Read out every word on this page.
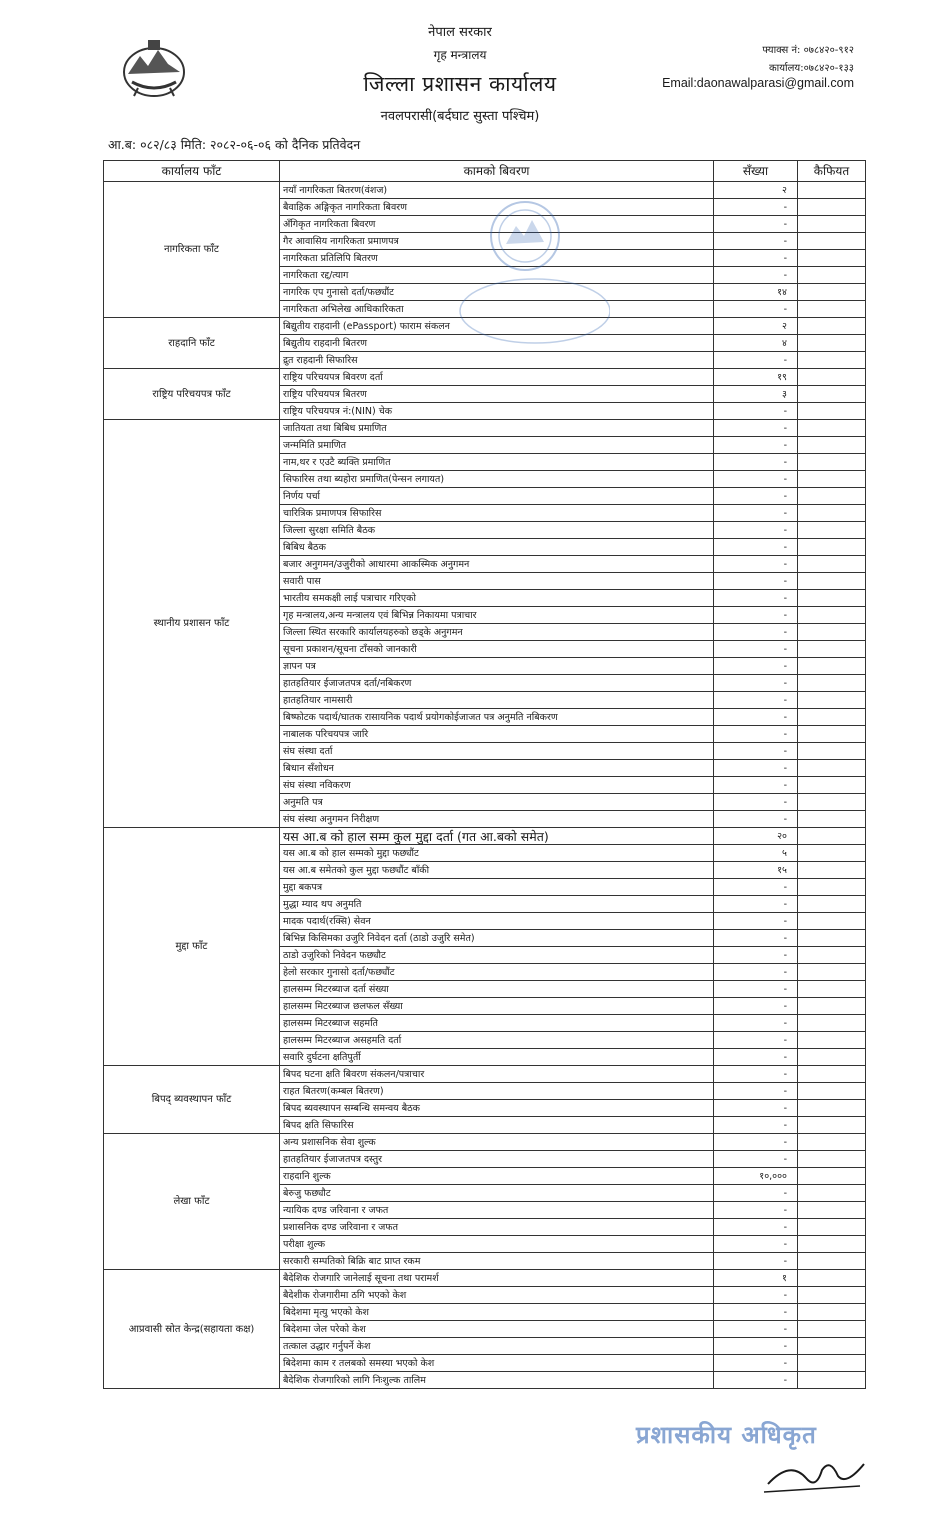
नेपाल सरकार
गृह मन्त्रालय
जिल्ला प्रशासन कार्यालय
नवलपरासी(बर्दघाट सुस्ता पश्चिम)
फ्याक्स नं: ०७८४२०-९१२
कार्यालय:०७८४२०-१३३
Email:daonawalparasi@gmail.com
आ.ब: ०८२/८३ मिति: २०८२-०६-०६ को दैनिक प्रतिवेदन
कार्यालय फाँट	कामको बिवरण	सँख्या	कैफियत
नागरिकता फाँट	नयाँ नागरिकता बितरण(वंशज)	२	
	बैवाहिक अङ्गिकृत नागरिकता बिवरण	-	
	अँगिकृत नागरिकता बिवरण	-	
	गैर आवासिय नागरिकता प्रमाणपत्र	-	
	नागरिकता प्रतिलिपि बितरण	-	
	नागरिकता रद्द/त्याग	-	
	नागरिक एप गुनासो दर्ता/फछ्यौंट	१४	
	नागरिकता अभिलेख आधिकारिकता	-	
राहदानि फाँट	बिद्युतीय राहदानी (ePassport) फाराम संकलन	२	
	बिद्युतीय राहदानी बितरण	४	
	द्रुत राहदानी सिफारिस	-	
राष्ट्रिय परिचयपत्र फाँट	राष्ट्रिय परिचयपत्र बिवरण दर्ता	१९	
	राष्ट्रिय परिचयपत्र बितरण	३	
	राष्ट्रिय परिचयपत्र नं:(NIN) चेक	-	
स्थानीय प्रशासन फाँट	जातियता तथा बिबिध प्रमाणित	-	
	जन्ममिति प्रमाणित	-	
	नाम,थर र एउटै ब्यक्ति प्रमाणित	-	
	सिफारिस तथा ब्यहोरा प्रमाणित(पेन्सन लगायत)	-	
	निर्णय पर्चा	-	
	चारित्रिक प्रमाणपत्र सिफारिस	-	
	जिल्ला सुरक्षा समिति बैठक	-	
	बिबिध बैठक	-	
	बजार अनुगमन/उजुरीको आधारमा आकस्मिक अनुगमन	-	
	सवारी पास	-	
	भारतीय समकक्षी लाई पत्राचार गरिएको	-	
	गृह मन्त्रालय,अन्य मन्त्रालय एवं बिभिन्न निकायमा पत्राचार	-	
	जिल्ला स्थित सरकारि कार्यालयहरुको छड्के अनुगमन	-	
	सूचना प्रकाशन/सूचना टाँसको जानकारी	-	
	ज्ञापन पत्र	-	
	हातहतियार ईजाजतपत्र दर्ता/नबिकरण	-	
	हातहतियार नामसारी	-	
	बिष्फोटक पदार्थ/घातक रासायनिक पदार्थ प्रयोगकोईजाजत पत्र अनुमति नबिकरण	-	
	नाबालक परिचयपत्र जारि	-	
	संघ संस्था दर्ता	-	
	बिधान सँशोधन	-	
	संघ संस्था नविकरण	-	
	अनुमति पत्र	-	
	संघ संस्था अनुगमन निरीक्षण	-	
मुद्दा फाँट	यस आ.ब को हाल सम्म कुल मुद्दा दर्ता (गत आ.बको समेत)	२०	
	यस आ.ब को हाल सम्मको मुद्दा फछ्यौंट	५	
	यस आ.ब समेतको कुल मुद्दा फछ्यौंट बाँकी	१५	
	मुद्दा बकपत्र	-	
	मुद्धा म्याद थप अनुमति	-	
	मादक पदार्थ(रक्सि) सेवन	-	
	बिभिन्न किसिमका उजुरि निवेदन दर्ता (ठाडो उजुरि समेत)	-	
	ठाडो उजुरिको निवेदन फछ्यौट	-	
	हेलो सरकार गुनासो दर्ता/फछ्यौंट	-	
	हालसम्म मिटरब्याज दर्ता संख्या	-	
	हालसम्म मिटरब्याज छलफल सँख्या	-	
	हालसम्म मिटरब्याज सहमति	-	
	हालसम्म मिटरब्याज असहमति दर्ता	-	
	सवारि दुर्घटना क्षतिपुर्ती	-	
बिपद् ब्यवस्थापन फाँट	बिपद घटना क्षति बिवरण संकलन/पत्राचार	-	
	राहत बितरण(कम्बल बितरण)	-	
	बिपद ब्यवस्थापन सम्बन्धि समन्वय बैठक	-	
	बिपद क्षति सिफारिस	-	
लेखा फाँट	अन्य प्रशासनिक सेवा शुल्क	-	
	हातहतियार ईजाजतपत्र दस्तुर	-	
	राहदानि शुल्क	१०,०००	
	बेरुजु फछ्यौट	-	
	न्यायिक दण्ड जरिवाना र जफत	-	
	प्रशासनिक दण्ड जरिवाना र जफत	-	
	परीक्षा शुल्क	-	
	सरकारी सम्पतिको बिक्रि बाट प्राप्त रकम	-	
आप्रवासी स्रोत केन्द्र(सहायता कक्ष)	बैदेशिक रोजगारि जानेलाई सूचना तथा परामर्श	१	
	बैदेशीक रोजगारीमा ठगि भएको केश	-	
	बिदेशमा मृत्यु भएको केश	-	
	बिदेशमा जेल परेको केश	-	
	तत्काल उद्धार गर्नुपर्ने केश	-	
	बिदेशमा काम र तलबको समस्या भएको केश	-	
	बैदेशिक रोजगारिको लागि निःशुल्क तालिम	-	
प्रशासकीय अधिकृत
